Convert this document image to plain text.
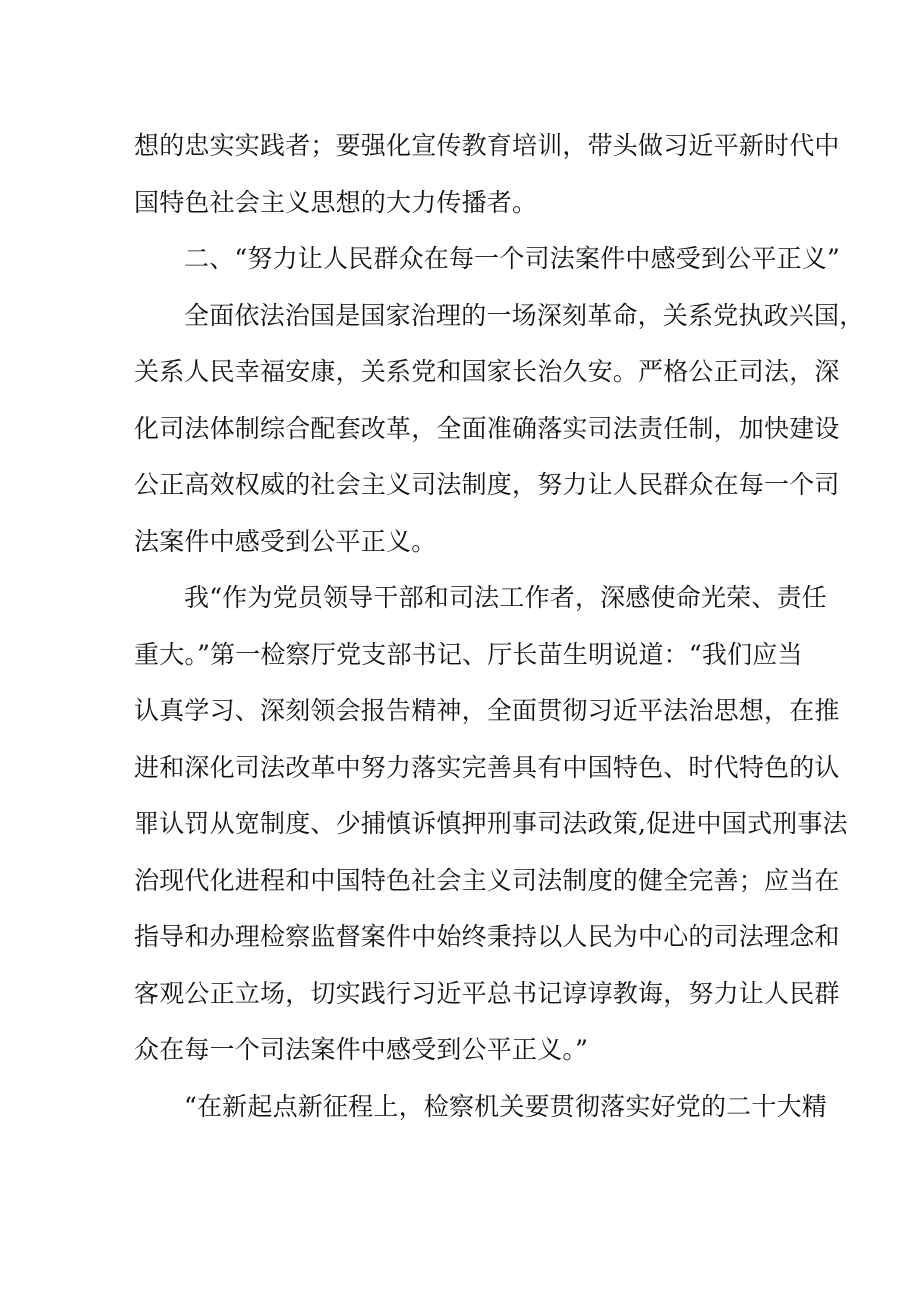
想的忠实实践者；要强化宣传教育培训，带头做习近平新时代中
国特色社会主义思想的大力传播者。
二、“努力让人民群众在每一个司法案件中感受到公平正义”
全面依法治国是国家治理的一场深刻革命，关系党执政兴国，
关系人民幸福安康，关系党和国家长治久安。严格公正司法，深
化司法体制综合配套改革，全面准确落实司法责任制，加快建设
公正高效权威的社会主义司法制度，努力让人民群众在每一个司
法案件中感受到公平正义。
我“作为党员领导干部和司法工作者，深感使命光荣、责任
重大。”第一检察厅党支部书记、厅长苗生明说道：“我们应当
认真学习、深刻领会报告精神，全面贯彻习近平法治思想，在推
进和深化司法改革中努力落实完善具有中国特色、时代特色的认
罪认罚从宽制度、少捕慎诉慎押刑事司法政策,促进中国式刑事法
治现代化进程和中国特色社会主义司法制度的健全完善；应当在
指导和办理检察监督案件中始终秉持以人民为中心的司法理念和
客观公正立场，切实践行习近平总书记谆谆教诲，努力让人民群
众在每一个司法案件中感受到公平正义。”
“在新起点新征程上，检察机关要贯彻落实好党的二十大精
